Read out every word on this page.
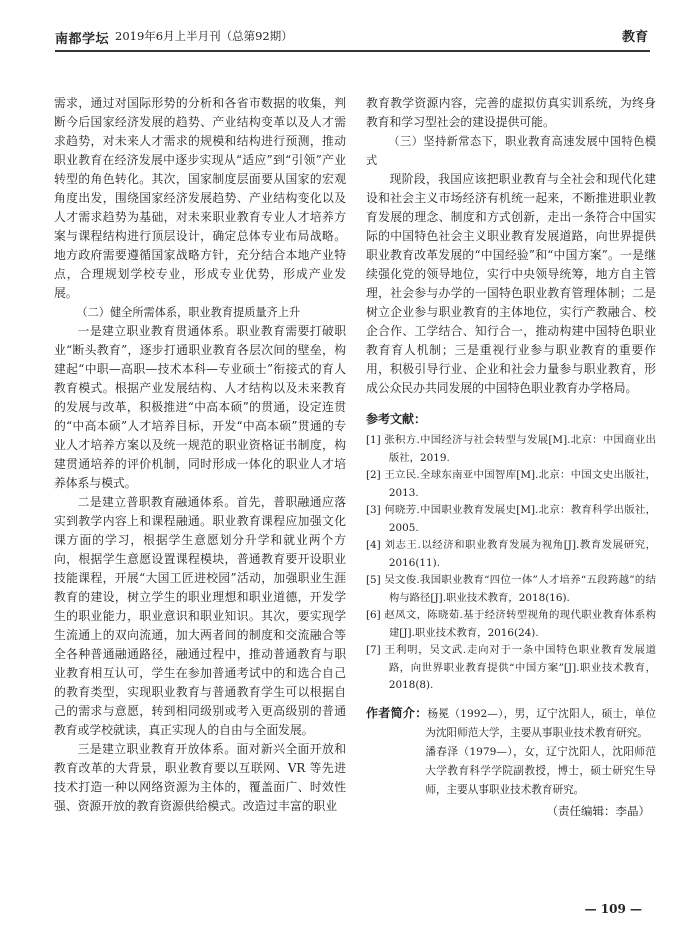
南都学坛 2019年6月上半月刊（总第92期）	教育

需求，通过对国际形势的分析和各省市数据的收集，判断今后国家经济发展的趋势、产业结构变革以及人才需求趋势，对未来人才需求的规模和结构进行预测，推动职业教育在经济发展中逐步实现从“适应”到“引领”产业转型的角色转化。其次，国家制度层面要从国家的宏观角度出发，围绕国家经济发展趋势、产业结构变化以及人才需求趋势为基础，对未来职业教育专业人才培养方案与课程结构进行顶层设计，确定总体专业布局战略。地方政府需要遵循国家战略方针，充分结合本地产业特点，合理规划学校专业，形成专业优势，形成产业发展。

（二）健全所需体系，职业教育提质量齐上升

一是建立职业教育贯通体系。职业教育需要打破职业“断头教育”，逐步打通职业教育各层次间的壁垒，构建起“中职—高职—技术本科—专业硕士”衔接式的育人教育模式。根据产业发展结构、人才结构以及未来教育的发展与改革，积极推进“中高本硕”的贯通，设定连贯的“中高本硕”人才培养目标，开发“中高本硕”贯通的专业人才培养方案以及统一规范的职业资格证书制度，构建贯通培养的评价机制，同时形成一体化的职业人才培养体系与模式。

二是建立普职教育融通体系。首先，普职融通应落实到教学内容上和课程融通。职业教育课程应加强文化课方面的学习，根据学生意愿划分升学和就业两个方向，根据学生意愿设置课程模块，普通教育要开设职业技能课程，开展“大国工匠进校园”活动，加强职业生涯教育的建设，树立学生的职业理想和职业道德，开发学生的职业能力，职业意识和职业知识。其次，要实现学生流通上的双向流通，加大两者间的制度和交流融合等全各种普通融通路径，融通过程中，推动普通教育与职业教育相互认可，学生在参加普通考试中的和选合自己的教育类型，实现职业教育与普通教育学生可以根据自己的需求与意愿，转到相同级别或考入更高级别的普通教育或学校就读，真正实现人的自由与全面发展。

三是建立职业教育开放体系。面对新兴全面开放和教育改革的大背景，职业教育要以互联网、VR 等先进技术打造一种以网络资源为主体的，覆盖面广、时效性强、资源开放的教育资源供给模式。改造过丰富的职业

教育教学资源内容，完善的虚拟仿真实训系统，为终身教育和学习型社会的建设提供可能。

（三）坚持新常态下，职业教育高速发展中国特色模式

现阶段，我国应该把职业教育与全社会和现代化建设和社会主义市场经济有机统一起来，不断推进职业教育发展的理念、制度和方式创新，走出一条符合中国实际的中国特色社会主义职业教育发展道路，向世界提供职业教育改革发展的“中国经验”和“中国方案”。一是继续强化党的领导地位，实行中央领导统筹，地方自主管理，社会参与办学的一国特色职业教育管理体制；二是树立企业参与职业教育的主体地位，实行产教融合、校企合作、工学结合、知行合一，推动构建中国特色职业教育育人机制；三是重视行业参与职业教育的重要作用，积极引导行业、企业和社会力量参与职业教育，形成公众民办共同发展的中国特色职业教育办学格局。

参考文献：
[1] 张积方.中国经济与社会转型与发展[M].北京：中国商业出版社，2019.
[2] 王立民.全球东南亚中国智库[M].北京：中国文史出版社，2013.
[3] 何晓芳.中国职业教育发展史[M].北京：教育科学出版社，2005.
[4] 刘志王.以经济和职业教育发展为视角[J].教育发展研究，2016(11).
[5] 吴文俊.我国职业教育“四位一体”人才培养“五段跨越”的结构与路径[J].职业技术教育，2018(16).
[6] 赵凤文，陈晓茹.基于经济转型视角的现代职业教育体系构建[J].职业技术教育，2016(24).
[7] 王利明，吴文武.走向对于一条中国特色职业教育发展道路，向世界职业教育提供“中国方案”[J].职业技术教育，2018(8).
作者简介：杨冕（1992—），男，辽宁沈阳人，硕士，单位为沈阳师范大学，主要从事职业技术教育研究。
潘春泽（1979—），女，辽宁沈阳人，沈阳师范大学教育科学学院副教授，博士，硕士研究生导师，主要从事职业技术教育研究。
（责任编辑：李晶）
— 109 —
